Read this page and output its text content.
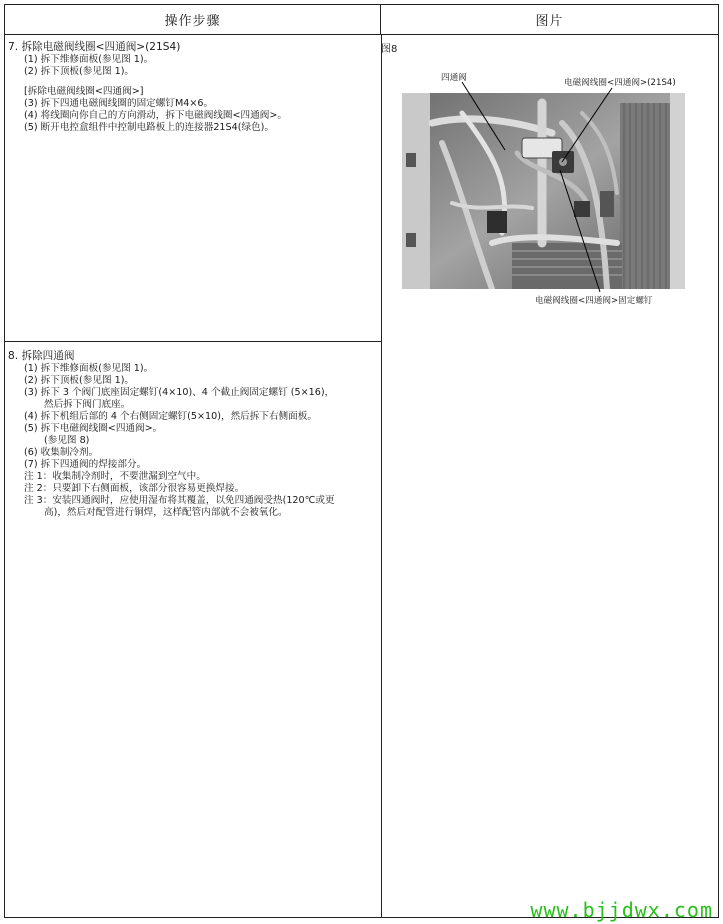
操作步骤	图片
7. 拆除电磁阀线圈<四通阀>(21S4)
(1) 拆下维修面板(参见图 1)。
(2) 拆下顶板(参见图 1)。
[拆除电磁阀线圈<四通阀>]
(3) 拆下四通电磁阀线圈的固定螺钉M4×6。
(4) 将线圈向你自己的方向滑动，拆下电磁阀线圈<四通阀>。
(5) 断开电控盒组件中控制电路板上的连接器21S4(绿色)。
8. 拆除四通阀
(1) 拆下维修面板(参见图 1)。
(2) 拆下顶板(参见图 1)。
(3) 拆下 3 个阀门底座固定螺钉(4×10)、4 个截止阀固定螺钉 (5×16)，
然后拆下阀门底座。
(4) 拆下机组后部的 4 个右侧固定螺钉(5×10)，然后拆下右侧面板。
(5) 拆下电磁阀线圈<四通阀>。
(参见图 8)
(6) 收集制冷剂。
(7) 拆下四通阀的焊接部分。
注 1：收集制冷剂时，不要泄漏到空气中。
注 2：只要卸下右侧面板，该部分很容易更换焊接。
注 3：安装四通阀时，应使用湿布将其覆盖，以免四通阀受热(120℃或更
高)，然后对配管进行铜焊，这样配管内部就不会被氧化。
图8
四通阀	电磁阀线圈<四通阀>(21S4)
电磁阀线圈<四通阀>固定螺钉
www.bjjdwx.com
